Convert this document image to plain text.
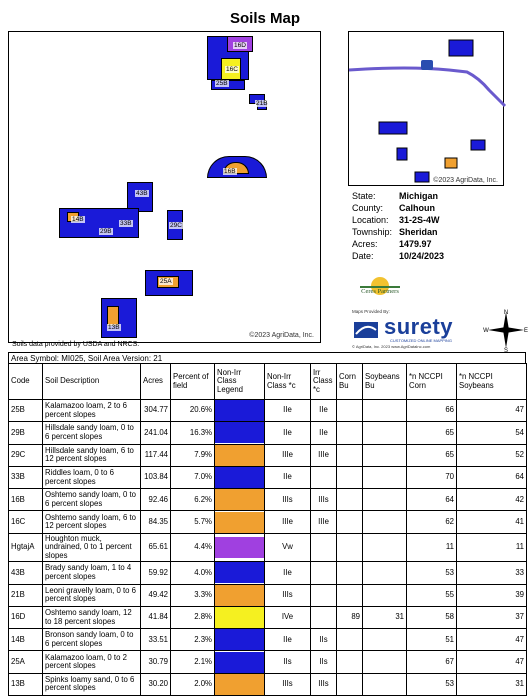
Soils Map
16C
25B
16D
21B
16B
43B
14B
25A
33B
13B
29B
29C
©2023 AgriData, Inc.
Soils data provided by USDA and NRCS.
©2023 AgriData, Inc.
State:	Michigan
County: Calhoun
Location: 31-2S-4W
Township: Sheridan
Acres: 1479.97
Date:	10/24/2023
Ceres Partners
Maps Provided By:
surety
CUSTOMIZED ONLINE MAPPING
© AgriData, Inc. 2023 www.AgriDataInc.com
N
S
E
W
Area Symbol: MI025, Soil Area Version: 21
Code	Soil Description	Acres	Percent of field	Non-Irr Class Legend	Non-Irr Class *c	Irr Class *c	Corn Bu	Soybeans Bu	*n NCCPI Corn	*n NCCPI Soybeans
25B	Kalamazoo loam, 2 to 6 percent slopes	304.77	20.6%		IIe	IIe			66	47
29B	Hillsdale sandy loam, 0 to 6 percent slopes	241.04	16.3%		IIe	IIe			65	54
29C	Hillsdale sandy loam, 6 to 12 percent slopes	117.44	7.9%		IIIe	IIIe			65	52
33B	Riddles loam, 0 to 6 percent slopes	103.84	7.0%		IIe				70	64
16B	Oshtemo sandy loam, 0 to 6 percent slopes	92.46	6.2%		IIIs	IIIs			64	42
16C	Oshtemo sandy loam, 6 to 12 percent slopes	84.35	5.7%		IIIe	IIIe			62	41
HgtajA	Houghton muck, undrained, 0 to 1 percent slopes	65.61	4.4%		Vw				11	11
43B	Brady sandy loam, 1 to 4 percent slopes	59.92	4.0%		IIe				53	33
21B	Leoni gravelly loam, 0 to 6 percent slopes	49.42	3.3%		IIIs				55	39
16D	Oshtemo sandy loam, 12 to 18 percent slopes	41.84	2.8%		IVe		89	31	58	37
14B	Bronson sandy loam, 0 to 6 percent slopes	33.51	2.3%		IIe	IIs			51	47
25A	Kalamazoo loam, 0 to 2 percent slopes	30.79	2.1%		IIs	IIs			67	47
13B	Spinks loamy sand, 0 to 6 percent slopes	30.20	2.0%		IIIs	IIIs			53	31
